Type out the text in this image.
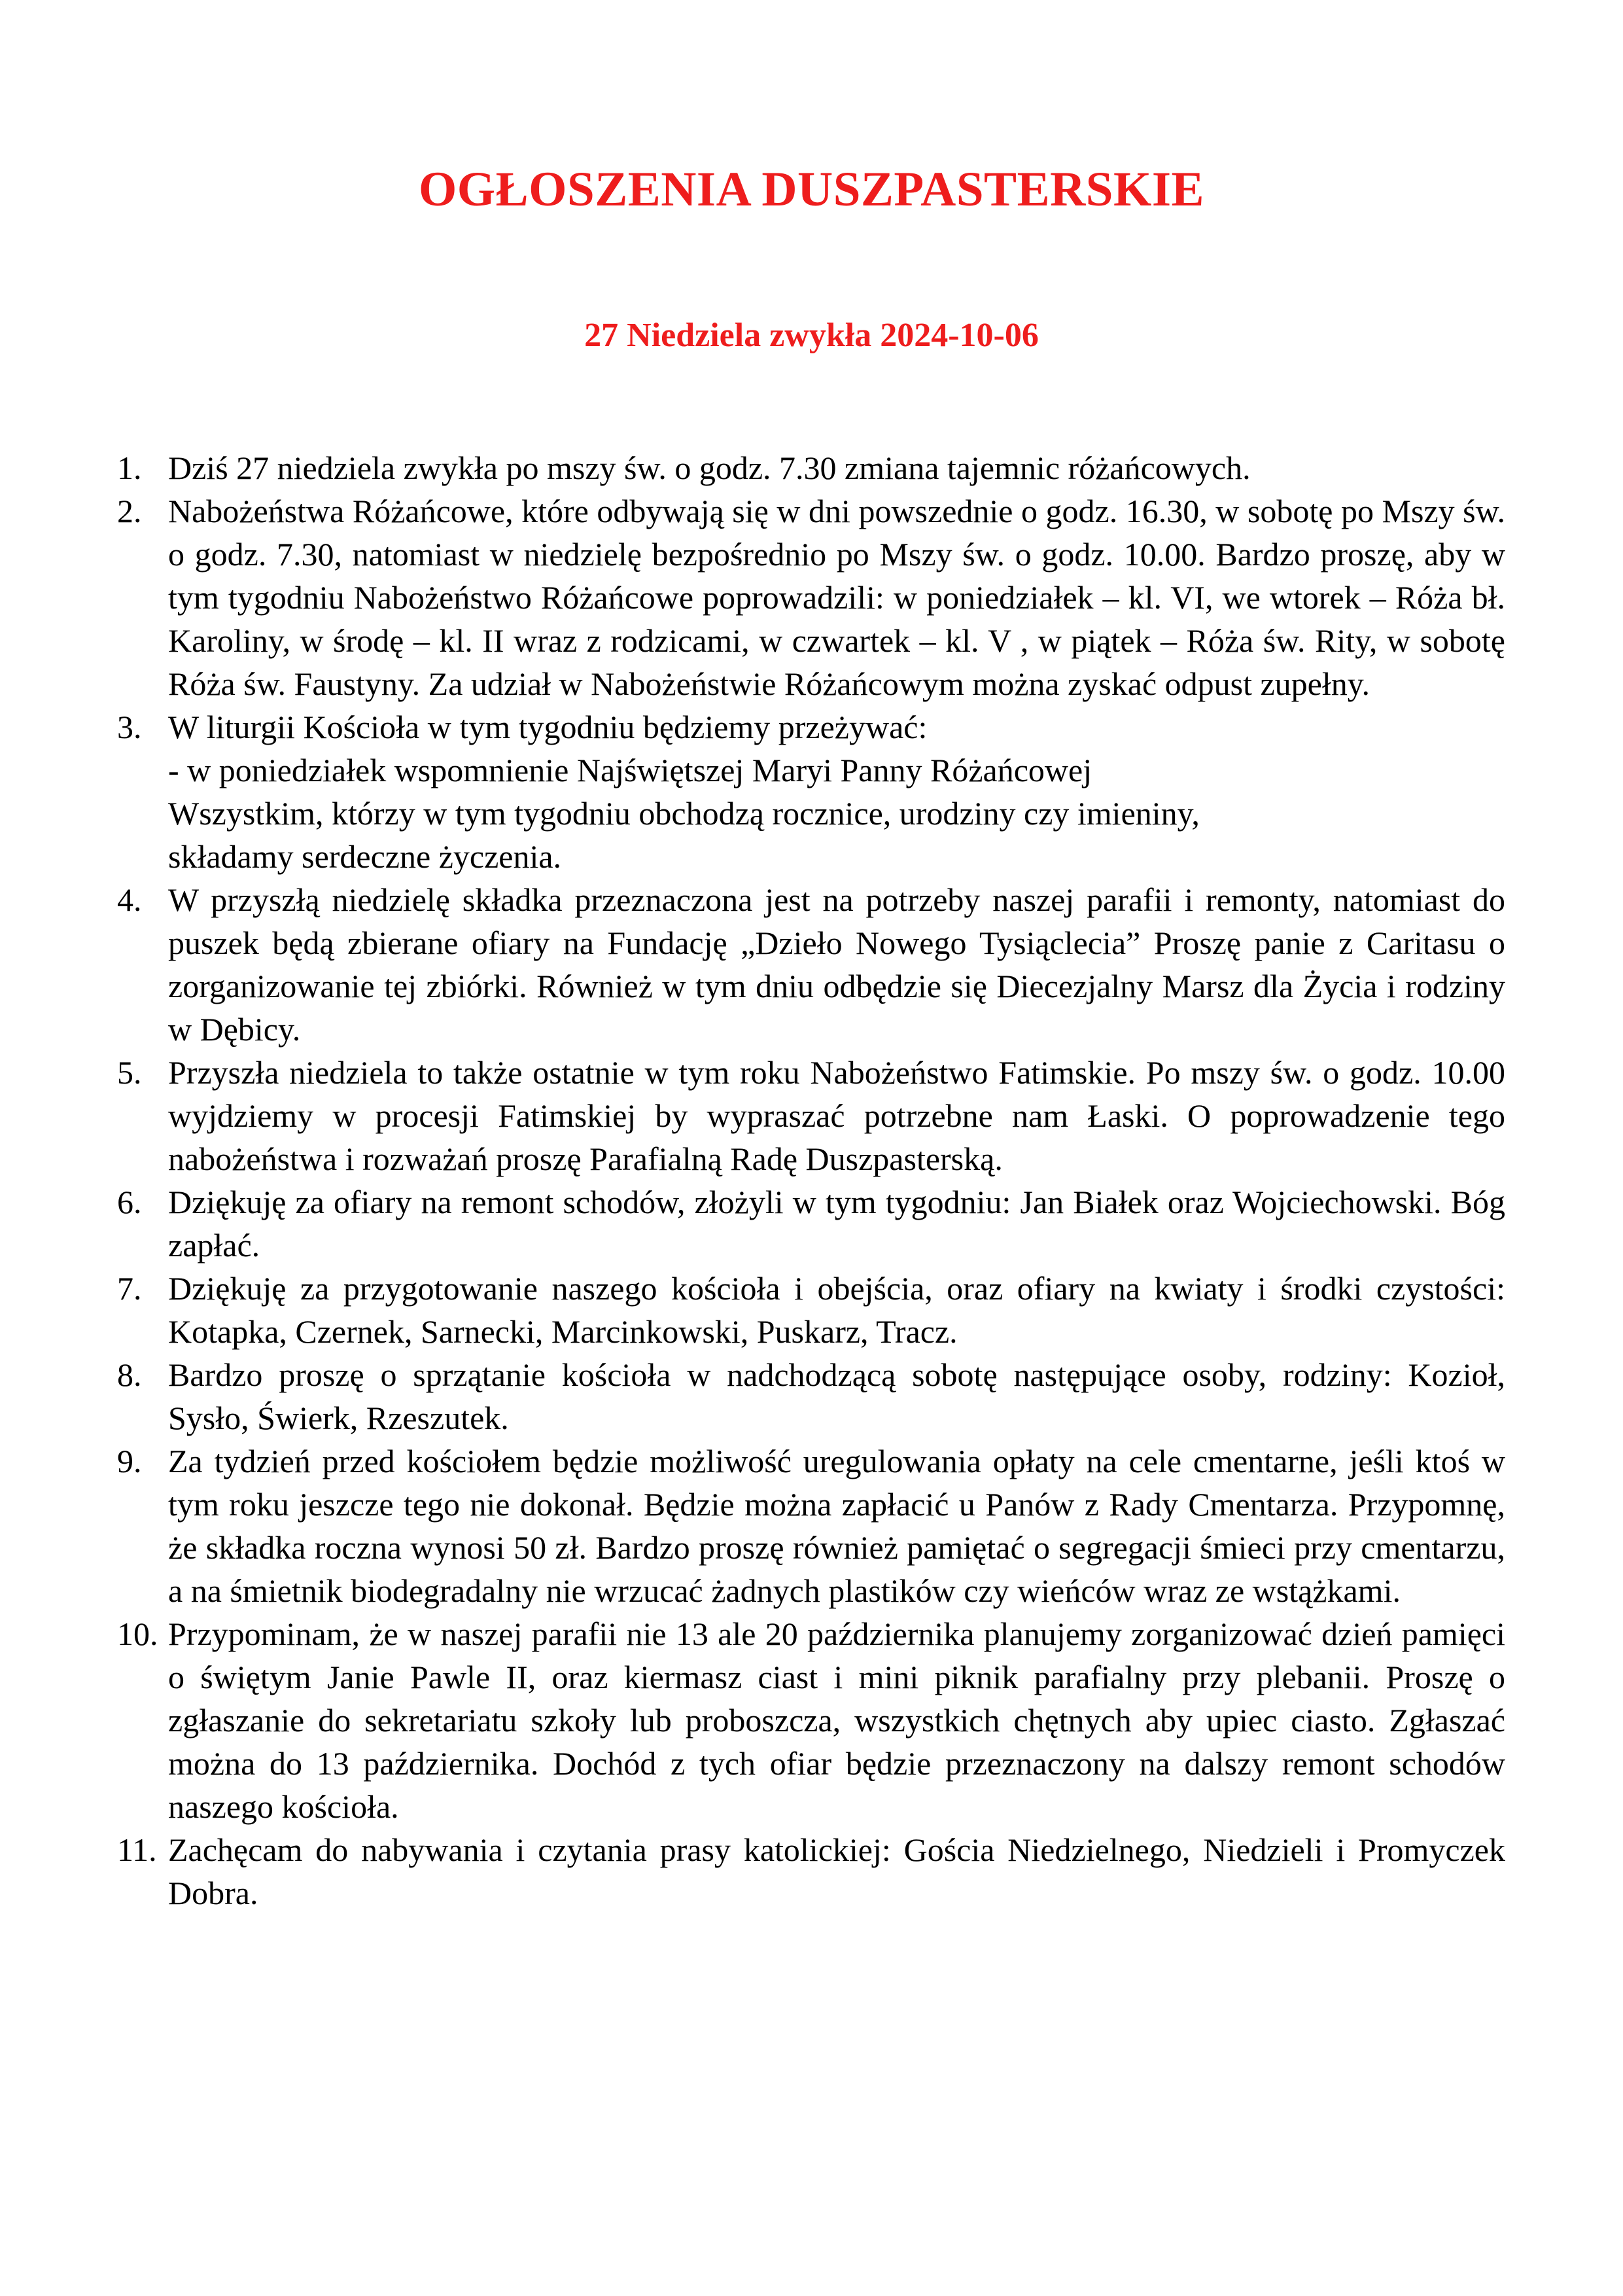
OGŁOSZENIA DUSZPASTERSKIE
27 Niedziela zwykła 2024-10-06
1. Dziś 27 niedziela zwykła po mszy św. o godz. 7.30 zmiana tajemnic różańcowych.
2. Nabożeństwa Różańcowe, które odbywają się w dni powszednie o godz. 16.30, w sobotę po Mszy św. o godz. 7.30, natomiast w niedzielę bezpośrednio po Mszy św. o godz. 10.00. Bardzo proszę, aby w tym tygodniu Nabożeństwo Różańcowe poprowadzili: w poniedziałek – kl. VI, we wtorek – Róża bł. Karoliny, w środę – kl. II wraz z rodzicami, w czwartek – kl. V , w piątek – Róża św. Rity, w sobotę Róża św. Faustyny. Za udział w Nabożeństwie Różańcowym można zyskać odpust zupełny.
3. W liturgii Kościoła w tym tygodniu będziemy przeżywać:
- w poniedziałek wspomnienie Najświętszej Maryi Panny Różańcowej
Wszystkim, którzy w tym tygodniu obchodzą rocznice, urodziny czy imieniny,
składamy serdeczne życzenia.
4. W przyszłą niedzielę składka przeznaczona jest na potrzeby naszej parafii i remonty, natomiast do puszek będą zbierane ofiary na Fundację „Dzieło Nowego Tysiąclecia” Proszę panie z Caritasu o zorganizowanie tej zbiórki. Również w tym dniu odbędzie się Diecezjalny Marsz dla Życia i rodziny w Dębicy.
5. Przyszła niedziela to także ostatnie w tym roku Nabożeństwo Fatimskie. Po mszy św. o godz. 10.00 wyjdziemy w procesji Fatimskiej by wypraszać potrzebne nam Łaski. O poprowadzenie tego nabożeństwa i rozważań proszę Parafialną Radę Duszpasterską.
6. Dziękuję za ofiary na remont schodów, złożyli w tym tygodniu: Jan Białek oraz Wojciechowski. Bóg zapłać.
7. Dziękuję za przygotowanie naszego kościoła i obejścia, oraz ofiary na kwiaty i środki czystości: Kotapka, Czernek, Sarnecki, Marcinkowski, Puskarz, Tracz.
8. Bardzo proszę o sprzątanie kościoła w nadchodzącą sobotę następujące osoby, rodziny: Kozioł, Sysło, Świerk, Rzeszutek.
9. Za tydzień przed kościołem będzie możliwość uregulowania opłaty na cele cmentarne, jeśli ktoś w tym roku jeszcze tego nie dokonał. Będzie można zapłacić u Panów z Rady Cmentarza. Przypomnę, że składka roczna wynosi 50 zł. Bardzo proszę również pamiętać o segregacji śmieci przy cmentarzu, a na śmietnik biodegradalny nie wrzucać żadnych plastików czy wieńców wraz ze wstążkami.
10. Przypominam, że w naszej parafii nie 13 ale 20 października planujemy zorganizować dzień pamięci o świętym Janie Pawle II, oraz kiermasz ciast i mini piknik parafialny przy plebanii. Proszę o zgłaszanie do sekretariatu szkoły lub proboszcza, wszystkich chętnych aby upiec ciasto. Zgłaszać można do 13 października. Dochód z tych ofiar będzie przeznaczony na dalszy remont schodów naszego kościoła.
11. Zachęcam do nabywania i czytania prasy katolickiej: Gościa Niedzielnego, Niedzieli i Promyczek Dobra.
